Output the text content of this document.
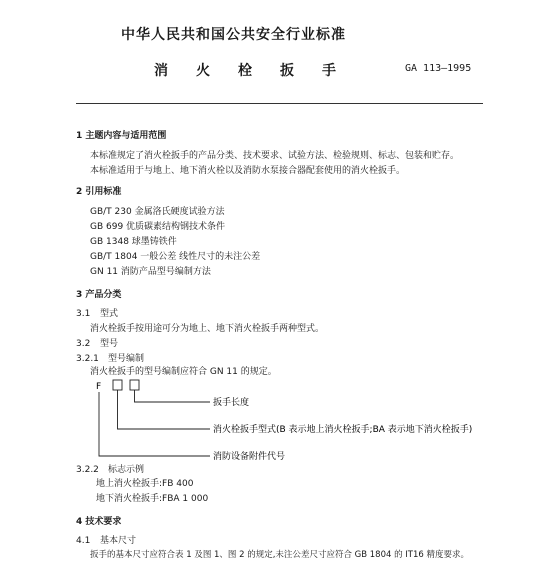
中华人民共和国公共安全行业标准
消火栓扳手	GA 113—1995
1 主题内容与适用范围
本标准规定了消火栓扳手的产品分类、技术要求、试验方法、检验规则、标志、包装和贮存。
本标准适用于与地上、地下消火栓以及消防水泵接合器配套使用的消火栓扳手。
2 引用标准
GB/T 230 金属洛氏硬度试验方法
GB 699 优质碳素结构钢技术条件
GB 1348 球墨铸铁件
GB/T 1804 一般公差 线性尺寸的未注公差
GN 11 消防产品型号编制方法
3 产品分类
3.1 型式
消火栓扳手按用途可分为地上、地下消火栓扳手两种型式。
3.2 型号
3.2.1 型号编制
消火栓扳手的型号编制应符合 GN 11 的规定。
F
扳手长度
消火栓扳手型式(B 表示地上消火栓扳手;BA 表示地下消火栓扳手)
消防设备附件代号
3.2.2 标志示例
地上消火栓扳手:FB 400
地下消火栓扳手:FBA 1 000
4 技术要求
4.1 基本尺寸
扳手的基本尺寸应符合表 1 及图 1、图 2 的规定,未注公差尺寸应符合 GB 1804 的 IT16 精度要求。
